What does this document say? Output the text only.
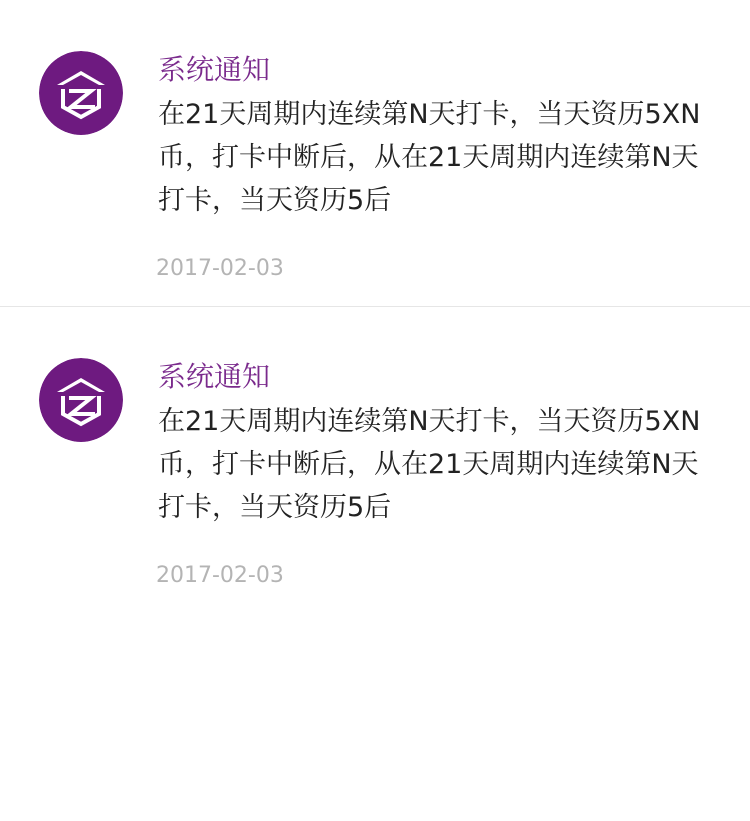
系统通知
在21天周期内连续第N天打卡，当天资历5XN币，打卡中断后，从在21天周期内连续第N天打卡，当天资历5后
2017-02-03
系统通知
在21天周期内连续第N天打卡，当天资历5XN币，打卡中断后，从在21天周期内连续第N天打卡，当天资历5后
2017-02-03
